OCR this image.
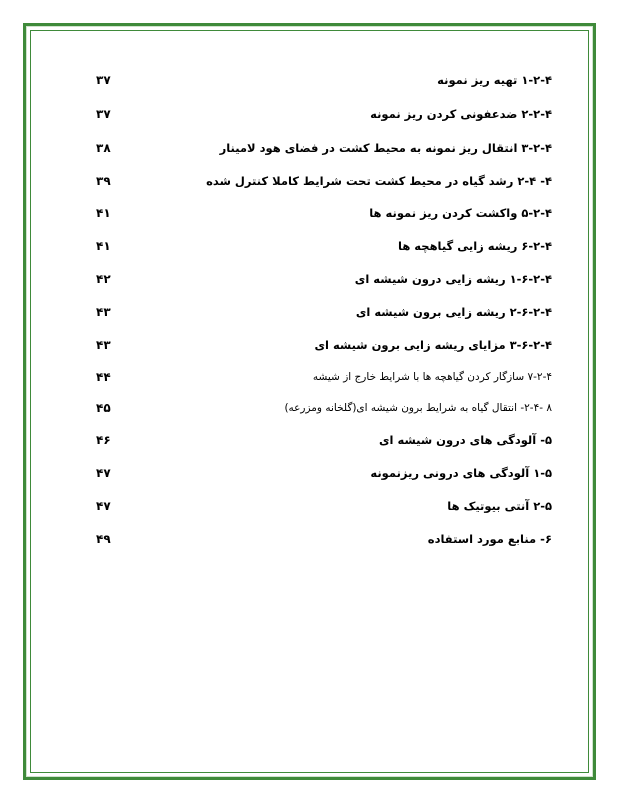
۱-۲-۴ تهیه ریز نمونه
۳۷
۲-۲-۴ ضدعفونی کردن ریز نمونه
۳۷
۳-۲-۴ انتقال ریز نمونه به محیط کشت در فضای هود لامینار
۳۸
۴- ۲-۴ رشد گیاه در محیط کشت تحت شرایط کاملا کنترل شده
۳۹
۵-۲-۴ واکشت کردن ریز نمونه ها
۴۱
۶-۲-۴ ریشه زایی گیاهچه ها
۴۱
۱-۶-۲-۴ ریشه زایی درون شیشه ای
۴۲
۲-۶-۲-۴ ریشه زایی برون شیشه ای
۴۳
۳-۶-۲-۴ مزایای ریشه زایی برون شیشه ای
۴۳
۷-۲-۴ سازگار کردن گیاهچه ها با شرایط خارج از شیشه
۴۴
۸ -۲-۴- انتقال گیاه به شرایط برون شیشه ای(گلخانه ومزرعه)
۴۵
۵- آلودگی های درون شیشه ای
۴۶
۱-۵ آلودگی های درونی ریزنمونه
۴۷
۲-۵ آنتی بیوتیک ها
۴۷
۶- منابع مورد استفاده
۴۹
